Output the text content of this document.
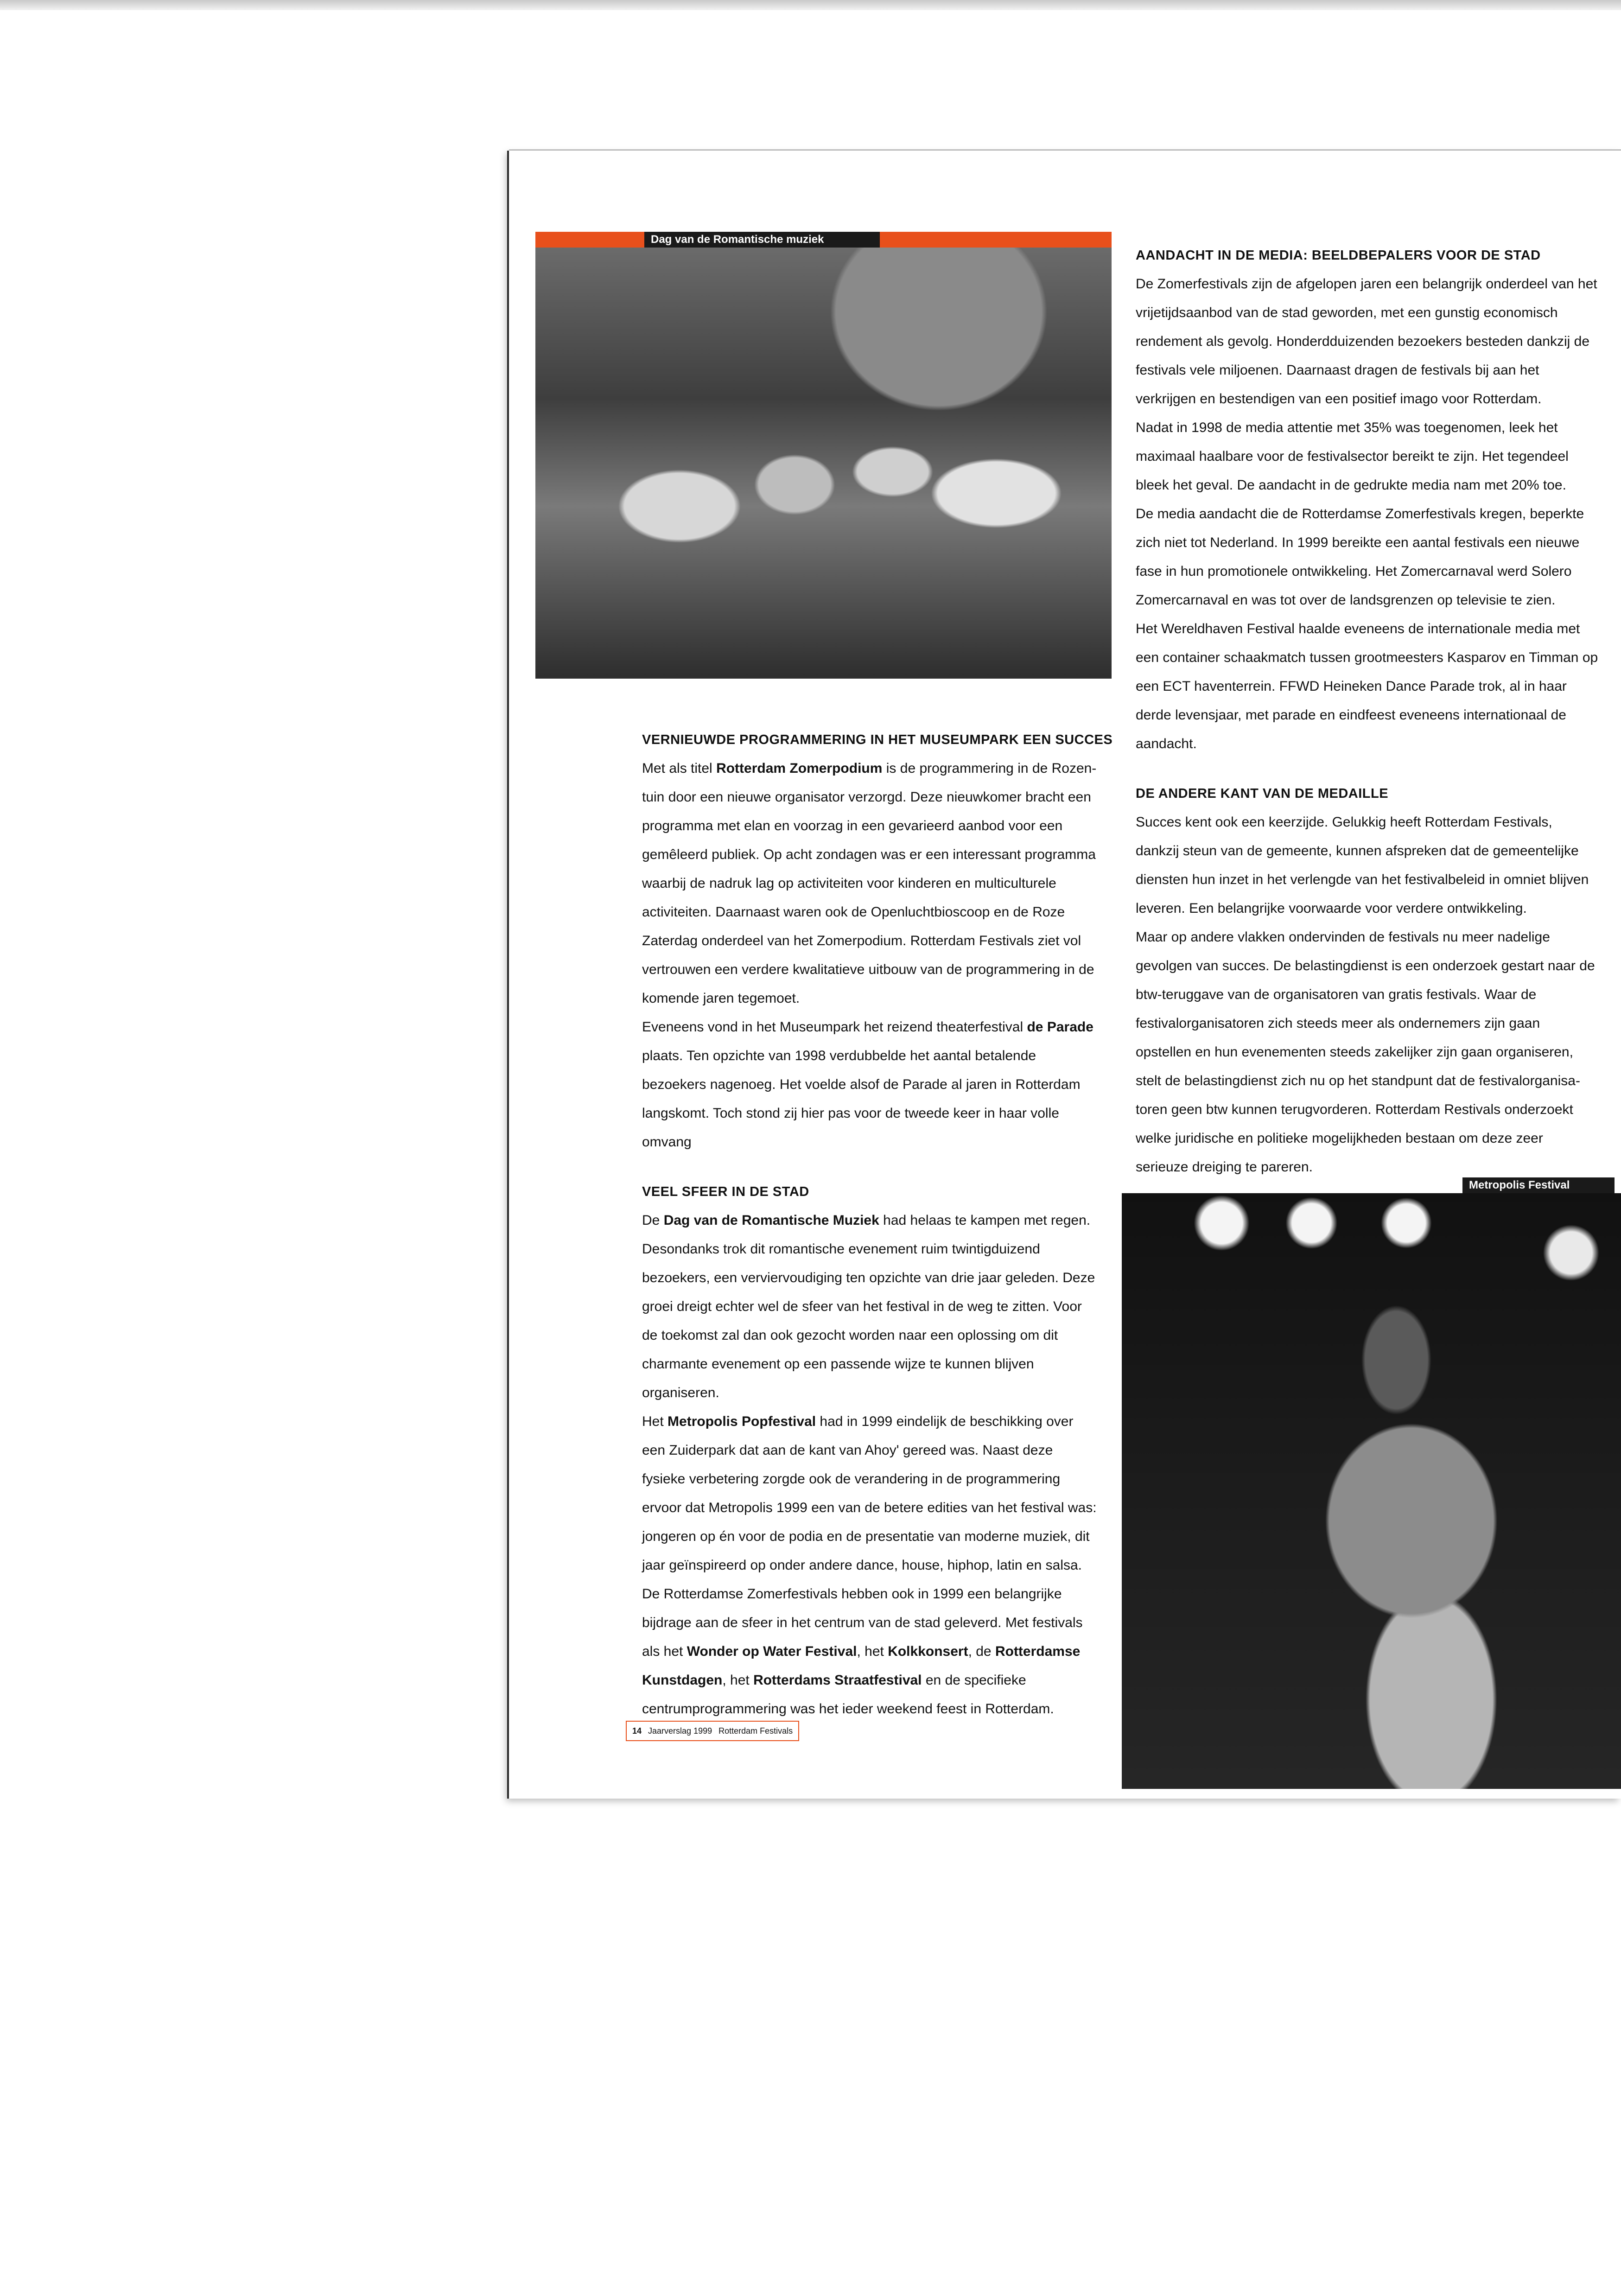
Dag van de Romantische muziek
AANDACHT IN DE MEDIA: BEELDBEPALERS VOOR DE STAD

De Zomerfestivals zijn de afgelopen jaren een belangrijk onderdeel van het vrijetijdsaanbod van de stad geworden, met een gunstig economisch rendement als gevolg. Honderdduizenden bezoekers besteden dankzij de festivals vele miljoenen. Daarnaast dragen de festivals bij aan het verkrijgen en bestendigen van een positief imago voor Rotterdam.

Nadat in 1998 de media attentie met 35% was toegenomen, leek het maximaal haalbare voor de festivalsector bereikt te zijn. Het tegendeel bleek het geval. De aandacht in de gedrukte media nam met 20% toe.

De media aandacht die de Rotterdamse Zomerfestivals kregen, beperkte zich niet tot Nederland. In 1999 bereikte een aantal festivals een nieuwe fase in hun promotionele ontwikkeling. Het Zomercarnaval werd Solero Zomercarnaval en was tot over de landsgrenzen op televisie te zien.

Het Wereldhaven Festival haalde eveneens de internationale media met een container schaakmatch tussen grootmeesters Kasparov en Timman op een ECT haventerrein. FFWD Heineken Dance Parade trok, al in haar derde levensjaar, met parade en eindfeest eveneens internationaal de aandacht.

DE ANDERE KANT VAN DE MEDAILLE

Succes kent ook een keerzijde. Gelukkig heeft Rotterdam Festivals, dankzij steun van de gemeente, kunnen afspreken dat de gemeentelijke diensten hun inzet in het verlengde van het festivalbeleid in omniet blijven leveren. Een belangrijke voorwaarde voor verdere ontwikkeling.

Maar op andere vlakken ondervinden de festivals nu meer nadelige gevolgen van succes. De belastingdienst is een onderzoek gestart naar de btw-teruggave van de organisatoren van gratis festivals. Waar de festivalorganisatoren zich steeds meer als ondernemers zijn gaan opstellen en hun evenementen steeds zakelijker zijn gaan organiseren, stelt de belastingdienst zich nu op het standpunt dat de festivalorganisa-toren geen btw kunnen terugvorderen. Rotterdam Restivals onderzoekt welke juridische en politieke mogelijkheden bestaan om deze zeer serieuze dreiging te pareren.

VERNIEUWDE PROGRAMMERING IN HET MUSEUMPARK EEN SUCCES

Met als titel Rotterdam Zomerpodium is de programmering in de Rozen-tuin door een nieuwe organisator verzorgd. Deze nieuwkomer bracht een programma met elan en voorzag in een gevarieerd aanbod voor een gemêleerd publiek. Op acht zondagen was er een interessant programma waarbij de nadruk lag op activiteiten voor kinderen en multiculturele activiteiten. Daarnaast waren ook de Openluchtbioscoop en de Roze Zaterdag onderdeel van het Zomerpodium. Rotterdam Festivals ziet vol vertrouwen een verdere kwalitatieve uitbouw van de programmering in de komende jaren tegemoet.

Eveneens vond in het Museumpark het reizend theaterfestival de Parade plaats. Ten opzichte van 1998 verdubbelde het aantal betalende bezoekers nagenoeg. Het voelde alsof de Parade al jaren in Rotterdam langskomt. Toch stond zij hier pas voor de tweede keer in haar volle omvang

VEEL SFEER IN DE STAD

De Dag van de Romantische Muziek had helaas te kampen met regen. Desondanks trok dit romantische evenement ruim twintigduizend bezoekers, een verviervoudiging ten opzichte van drie jaar geleden. Deze groei dreigt echter wel de sfeer van het festival in de weg te zitten. Voor de toekomst zal dan ook gezocht worden naar een oplossing om dit charmante evenement op een passende wijze te kunnen blijven organiseren.

Het Metropolis Popfestival had in 1999 eindelijk de beschikking over een Zuiderpark dat aan de kant van Ahoy' gereed was. Naast deze fysieke verbetering zorgde ook de verandering in de programmering ervoor dat Metropolis 1999 een van de betere edities van het festival was: jongeren op én voor de podia en de presentatie van moderne muziek, dit jaar geïnspireerd op onder andere dance, house, hiphop, latin en salsa.

De Rotterdamse Zomerfestivals hebben ook in 1999 een belangrijke bijdrage aan de sfeer in het centrum van de stad geleverd. Met festivals als het Wonder op Water Festival, het Kolkkonsert, de Rotterdamse Kunstdagen, het Rotterdams Straatfestival en de specifieke centrumprogrammering was het ieder weekend feest in Rotterdam.

Metropolis Festival
14 Jaarverslag 1999 Rotterdam Festivals
